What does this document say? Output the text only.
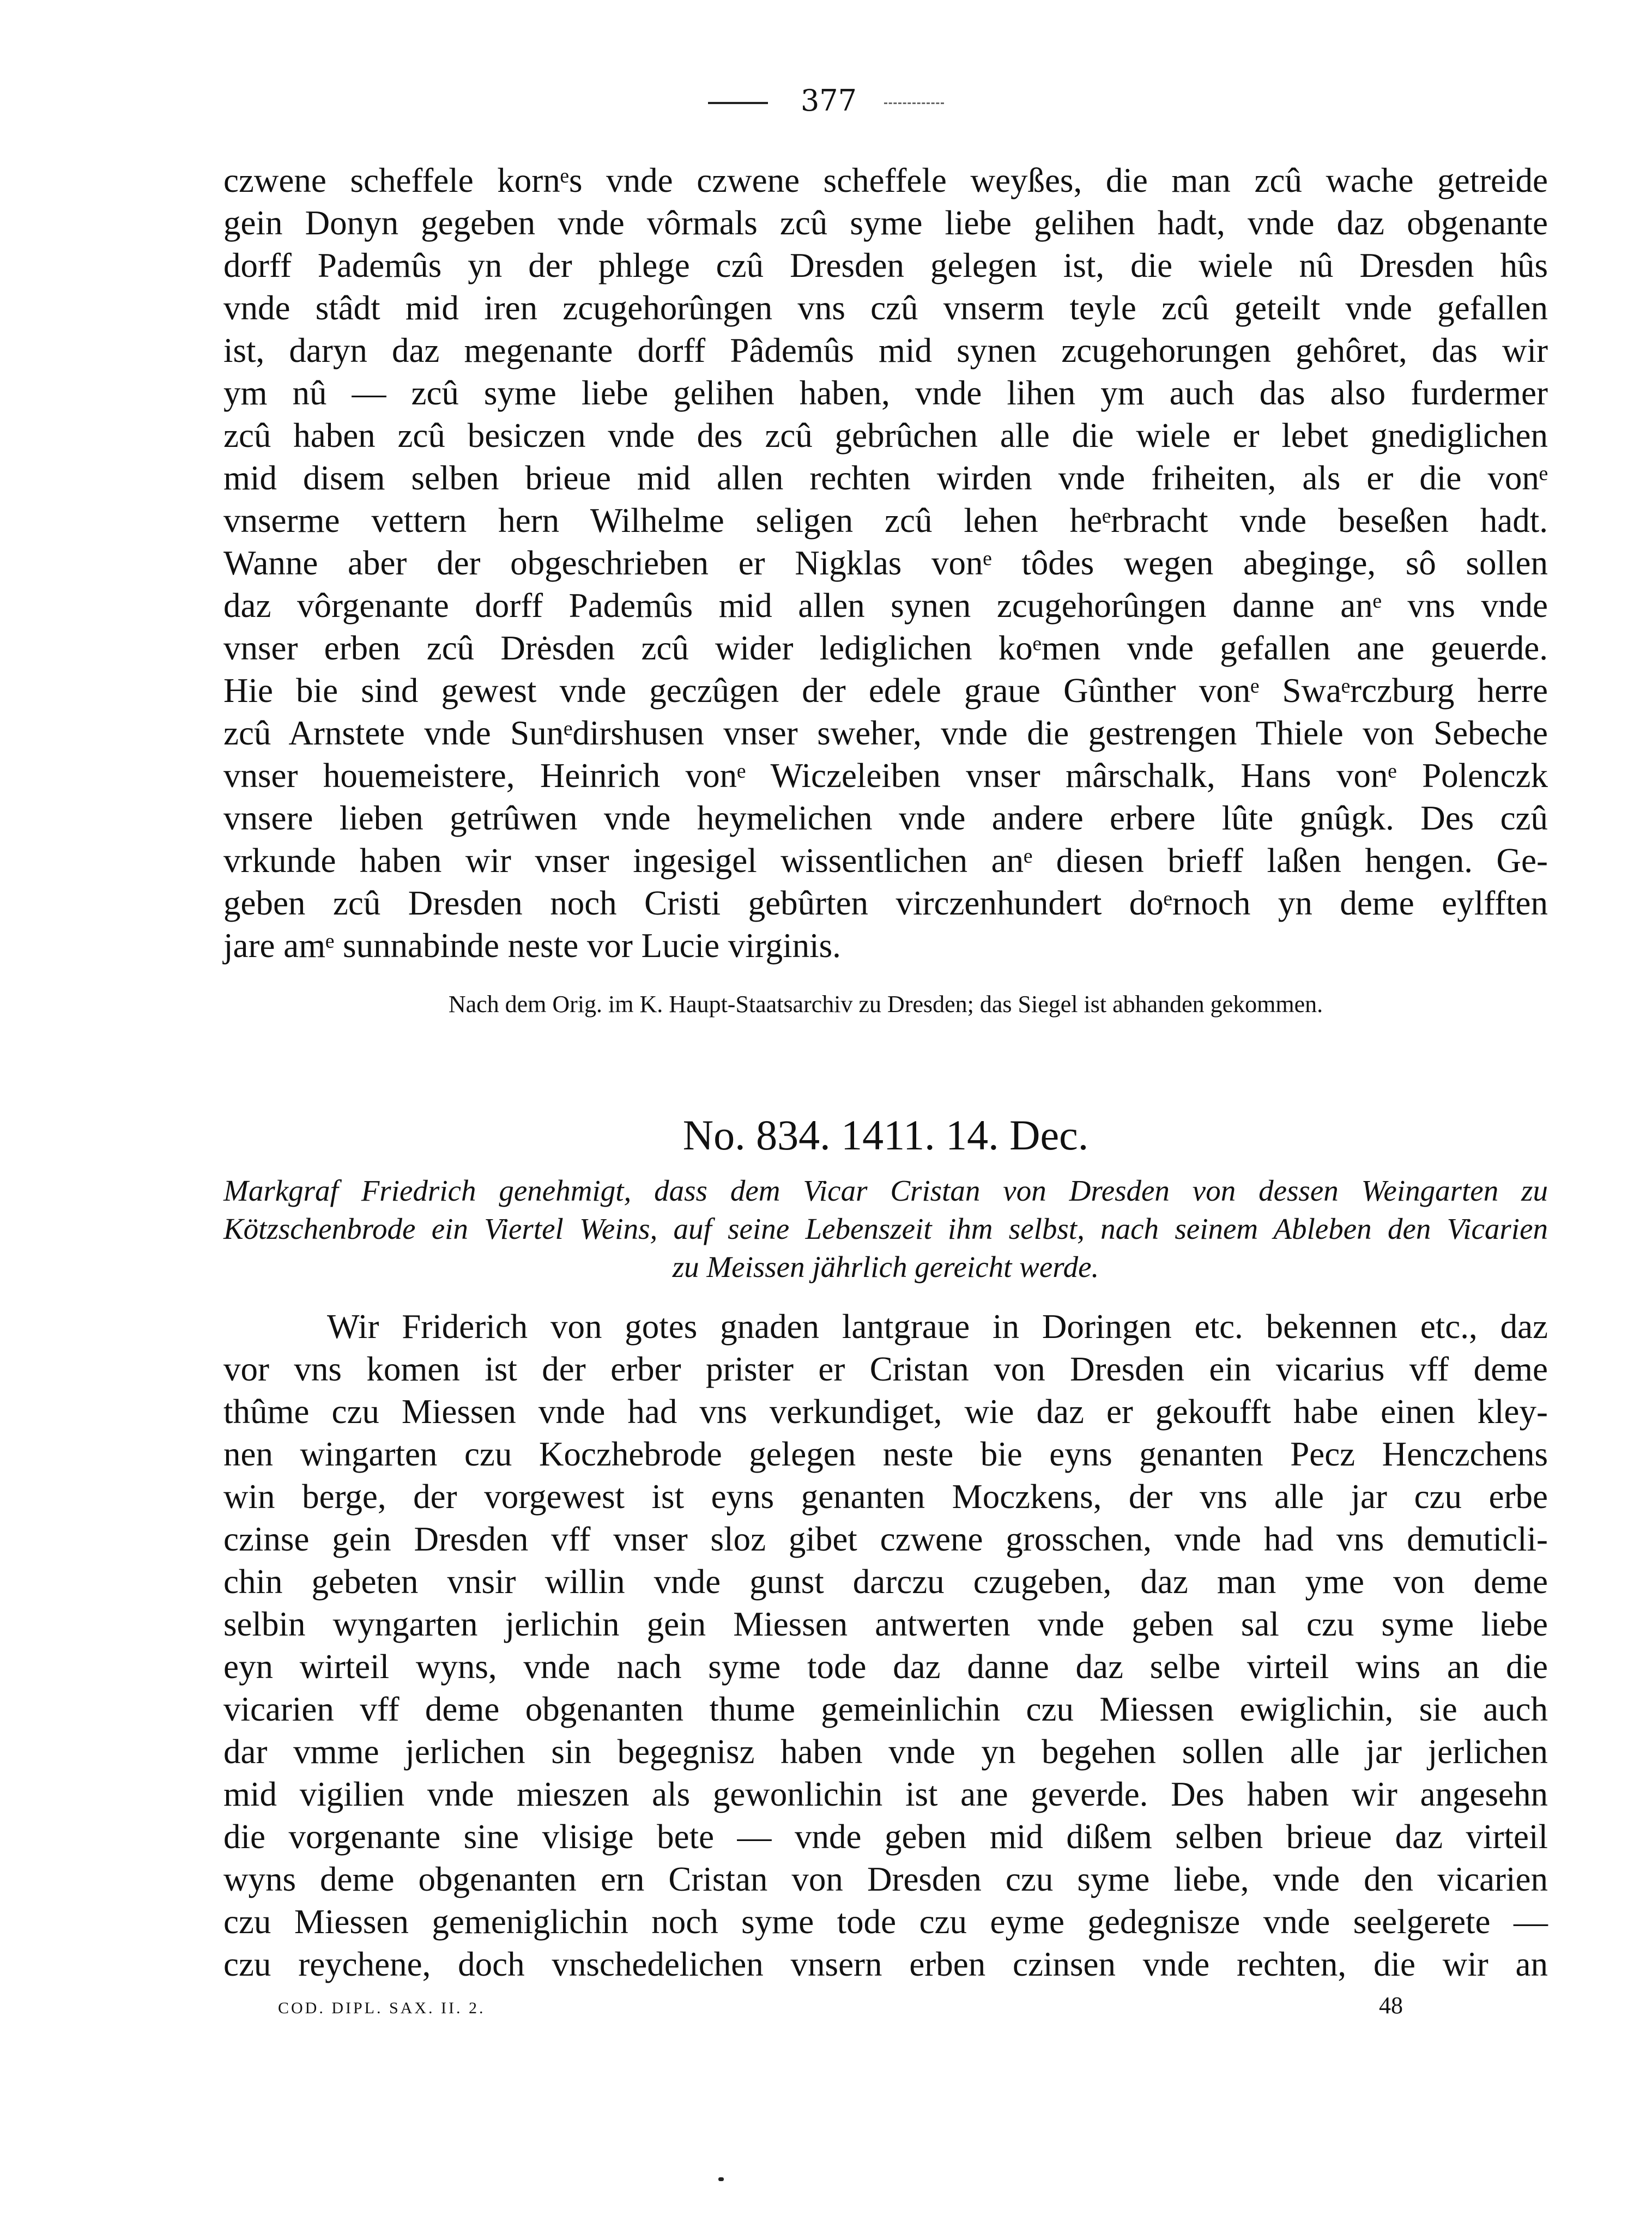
377
czwene scheffele kornᵉs vnde czwene scheffele weyßes, die man zcû wache getreide
gein Donyn gegeben vnde vôrmals zcû syme liebe gelihen hadt, vnde daz obgenante
dorff Pademûs yn der phlege czû Dresden gelegen ist, die wiele nû Dresden hûs
vnde stâdt mid iren zcugehorûngen vns czû vnserm teyle zcû geteilt vnde gefallen
ist, daryn daz megenante dorff Pâdemûs mid synen zcugehorungen gehôret, das wir
ym nû — zcû syme liebe gelihen haben, vnde lihen ym auch das also furdermer
zcû haben zcû besiczen vnde des zcû gebrûchen alle die wiele er lebet gnediglichen
mid disem selben brieue mid allen rechten wirden vnde friheiten, als er die vonᵉ
vnserme vettern hern Wilhelme seligen zcû lehen heᵉrbracht vnde beseßen hadt.
Wanne aber der obgeschrieben er Nigklas vonᵉ tôdes wegen abeginge, sô sollen
daz vôrgenante dorff Pademûs mid allen synen zcugehorûngen danne anᵉ vns vnde
vnser erben zcû Drėsden zcû wider lediglichen koᵉmen vnde gefallen ane geuerde.
Hie bie sind gewest vnde geczûgen der edele graue Gûnther vonᵉ Swaᵉrczburg herre
zcû Arnstete vnde Sunᵉdirshusen vnser sweher, vnde die gestrengen Thiele von Sebeche
vnser houemeistere, Heinrich vonᵉ Wiczeleiben vnser mârschalk, Hans vonᵉ Polenczk
vnsere lieben getrûwen vnde heymelichen vnde andere erbere lûte gnûgk. Des czû
vrkunde haben wir vnser ingesigel wissentlichen anᵉ diesen brieff laßen hengen. Ge-
geben zcû Dresden noch Cristi gebûrten virczenhundert doᵉrnoch yn deme eylfften
jare amᵉ sunnabinde neste vor Lucie virginis.
Nach dem Orig. im K. Haupt-Staatsarchiv zu Dresden; das Siegel ist abhanden gekommen.
No. 834. 1411. 14. Dec.
Markgraf Friedrich genehmigt, dass dem Vicar Cristan von Dresden von dessen Weingarten zu
Kötzschenbrode ein Viertel Weins, auf seine Lebenszeit ihm selbst, nach seinem Ableben den Vicarien
zu Meissen jährlich gereicht werde.
Wir Friderich von gotes gnaden lantgraue in Doringen etc. bekennen etc., daz
vor vns komen ist der erber prister er Cristan von Dresden ein vicarius vff deme
thûme czu Miessen vnde had vns verkundiget, wie daz er gekoufft habe einen kley-
nen wingarten czu Koczhebrode gelegen neste bie eyns genanten Pecz Henczchens
win berge, der vorgewest ist eyns genanten Moczkens, der vns alle jar czu erbe
czinse gein Dresden vff vnser sloz gibet czwene grosschen, vnde had vns demuticli-
chin gebeten vnsir willin vnde gunst darczu czugeben, daz man yme von deme
selbin wyngarten jerlichin gein Miessen antwerten vnde geben sal czu syme liebe
eyn wirteil wyns, vnde nach syme tode daz danne daz selbe virteil wins an die
vicarien vff deme obgenanten thume gemeinlichin czu Miessen ewiglichin, sie auch
dar vmme jerlichen sin begegnisz haben vnde yn begehen sollen alle jar jerlichen
mid vigilien vnde mieszen als gewonlichin ist ane geverde. Des haben wir angesehn
die vorgenante sine vlisige bete — vnde geben mid dißem selben brieue daz virteil
wyns deme obgenanten ern Cristan von Dresden czu syme liebe, vnde den vicarien
czu Miessen gemeniglichin noch syme tode czu eyme gedegnisze vnde seelgerete —
czu reychene, doch vnschedelichen vnsern erben czinsen vnde rechten, die wir an
COD. DIPL. SAX. II. 2.	48
